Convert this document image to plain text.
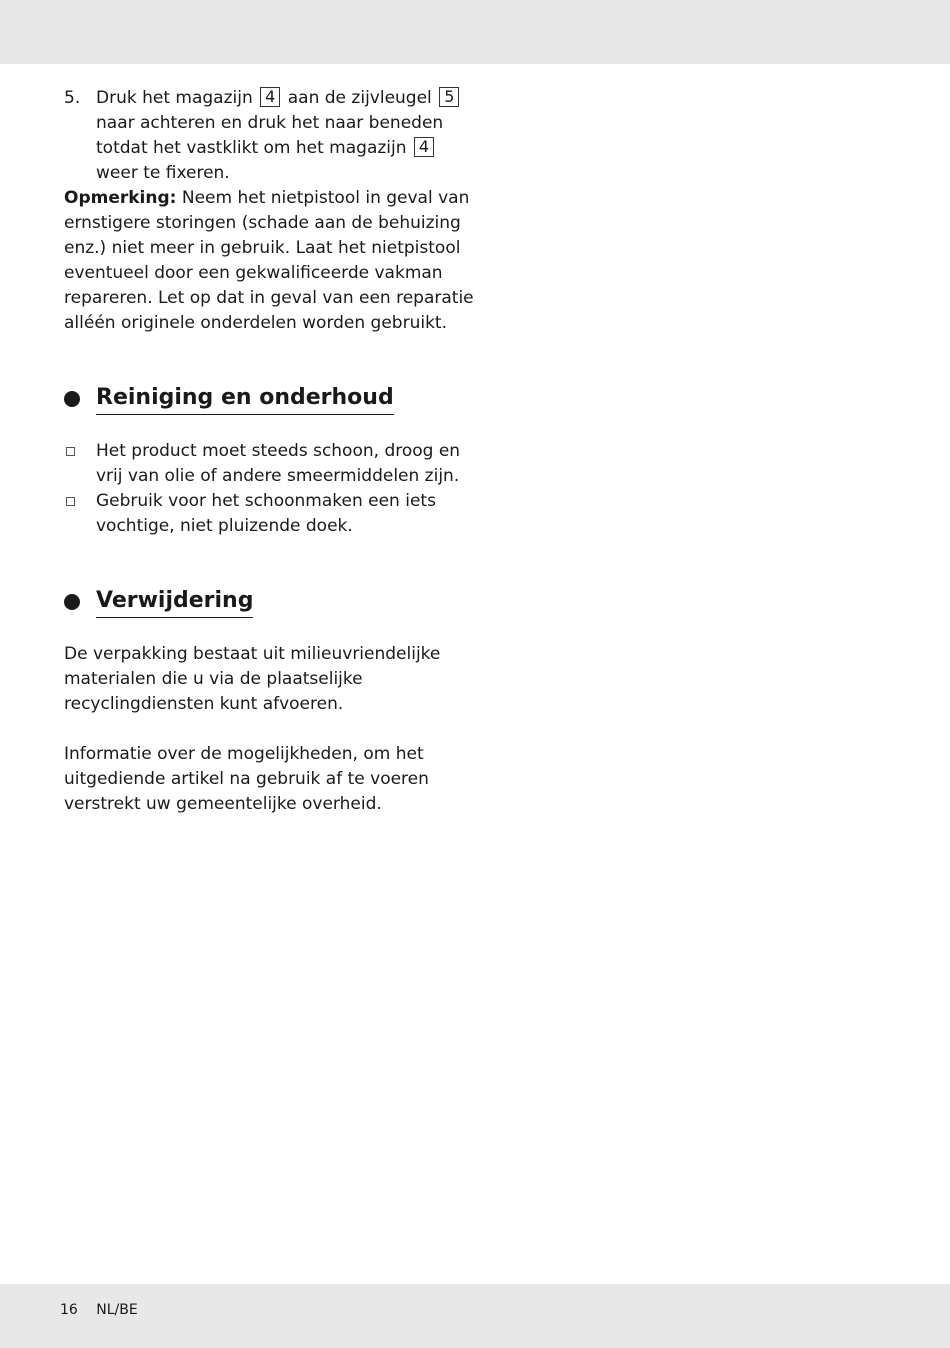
5. Druk het magazijn 4 aan de zijvleugel 5 naar achteren en druk het naar beneden totdat het vastklikt om het magazijn 4 weer te fixeren.
Opmerking: Neem het nietpistool in geval van ernstigere storingen (schade aan de behuizing enz.) niet meer in gebruik. Laat het nietpistool eventueel door een gekwalificeerde vakman repareren. Let op dat in geval van een reparatie alléén originele onderdelen worden gebruikt.
Reiniging en onderhoud
Het product moet steeds schoon, droog en vrij van olie of andere smeermiddelen zijn.
Gebruik voor het schoonmaken een iets vochtige, niet pluizende doek.
Verwijdering
De verpakking bestaat uit milieuvriendelijke materialen die u via de plaatselijke recyclingdiensten kunt afvoeren.
Informatie over de mogelijkheden, om het uitgediende artikel na gebruik af te voeren verstrekt uw gemeentelijke overheid.
16 NL/BE
